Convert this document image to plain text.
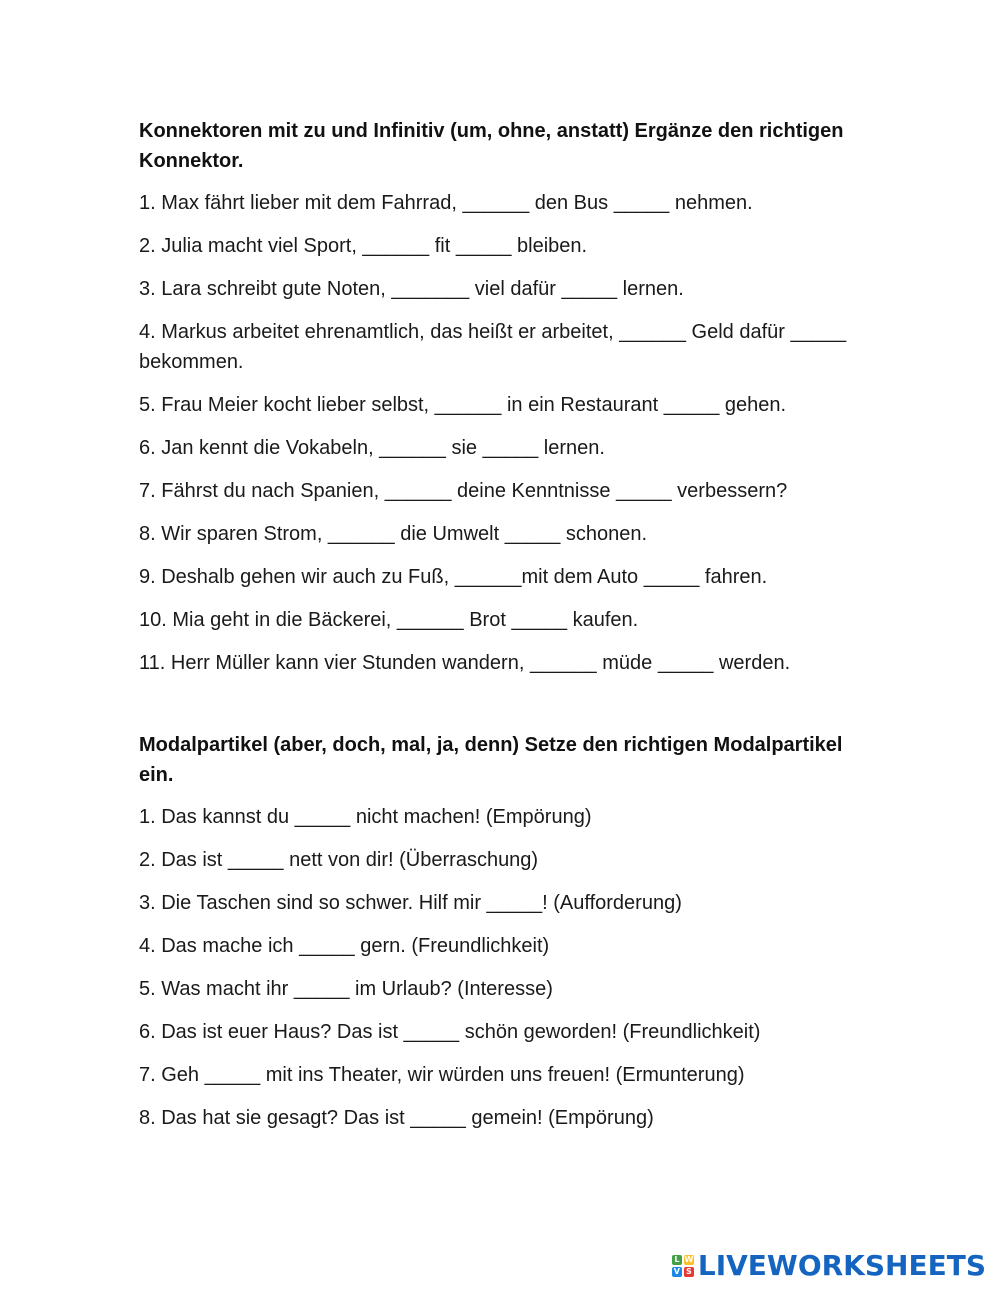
Konnektoren mit zu und Infinitiv (um, ohne, anstatt) Ergänze den richtigen Konnektor.

1. Max fährt lieber mit dem Fahrrad, ______ den Bus _____ nehmen.

2. Julia macht viel Sport, ______ fit _____ bleiben.

3. Lara schreibt gute Noten, _______ viel dafür _____ lernen.

4. Markus arbeitet ehrenamtlich, das heißt er arbeitet, ______ Geld dafür _____ bekommen.

5. Frau Meier kocht lieber selbst, ______ in ein Restaurant _____ gehen.

6. Jan kennt die Vokabeln, ______ sie _____ lernen.

7. Fährst du nach Spanien, ______ deine Kenntnisse _____ verbessern?

8. Wir sparen Strom, ______ die Umwelt _____ schonen.

9. Deshalb gehen wir auch zu Fuß, ______mit dem Auto _____ fahren.

10. Mia geht in die Bäckerei, ______ Brot _____ kaufen.

11. Herr Müller kann vier Stunden wandern, ______ müde _____ werden.

Modalpartikel (aber, doch, mal, ja, denn) Setze den richtigen Modalpartikel ein.

1. Das kannst du _____ nicht machen! (Empörung)

2. Das ist _____ nett von dir! (Überraschung)

3. Die Taschen sind so schwer. Hilf mir _____! (Aufforderung)

4. Das mache ich _____ gern. (Freundlichkeit)

5. Was macht ihr _____ im Urlaub? (Interesse)

6. Das ist euer Haus? Das ist _____ schön geworden! (Freundlichkeit)

7. Geh _____ mit ins Theater, wir würden uns freuen! (Ermunterung)

8. Das hat sie gesagt? Das ist _____ gemein! (Empörung)

L W
V S LIVEWORKSHEETS
